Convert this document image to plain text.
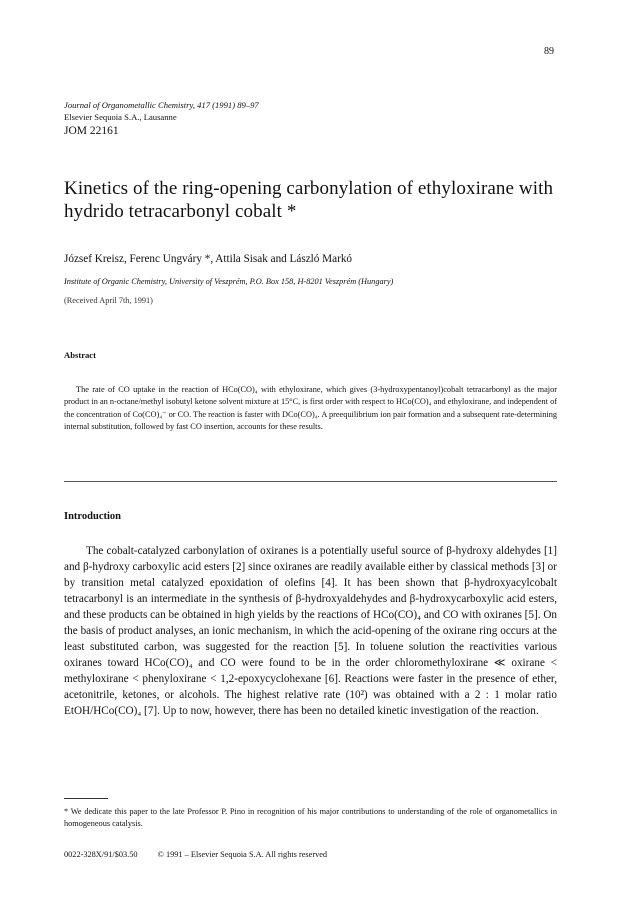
89
Journal of Organometallic Chemistry, 417 (1991) 89–97
Elsevier Sequoia S.A., Lausanne
JOM 22161
Kinetics of the ring-opening carbonylation of ethyloxirane with hydrido tetracarbonyl cobalt *
József Kreisz, Ferenc Ungváry *, Attila Sisak and László Markó
Institute of Organic Chemistry, University of Veszprém, P.O. Box 158, H-8201 Veszprém (Hungary)
(Received April 7th, 1991)
Abstract
The rate of CO uptake in the reaction of HCo(CO)₄ with ethyloxirane, which gives (3-hydroxypentanoyl)cobalt tetracarbonyl as the major product in an n-octane/methyl isobutyl ketone solvent mixture at 15°C, is first order with respect to HCo(CO)₄ and ethyloxirane, and independent of the concentration of Co(CO)₄⁻ or CO. The reaction is faster with DCo(CO)₄. A preequilibrium ion pair formation and a subsequent rate-determining internal substitution, followed by fast CO insertion, accounts for these results.
Introduction
The cobalt-catalyzed carbonylation of oxiranes is a potentially useful source of β-hydroxy aldehydes [1] and β-hydroxy carboxylic acid esters [2] since oxiranes are readily available either by classical methods [3] or by transition metal catalyzed epoxidation of olefins [4]. It has been shown that β-hydroxyacylcobalt tetracarbonyl is an intermediate in the synthesis of β-hydroxyaldehydes and β-hydroxycarboxylic acid esters, and these products can be obtained in high yields by the reactions of HCo(CO)₄ and CO with oxiranes [5]. On the basis of product analyses, an ionic mechanism, in which the acid-opening of the oxirane ring occurs at the least substituted carbon, was suggested for the reaction [5]. In toluene solution the reactivities various oxiranes toward HCo(CO)₄ and CO were found to be in the order chloromethyloxirane ≪ oxirane < methyloxirane < phenyloxirane < 1,2-epoxycyclohexane [6]. Reactions were faster in the presence of ether, acetonitrile, ketones, or alcohols. The highest relative rate (10²) was obtained with a 2 : 1 molar ratio EtOH/HCo(CO)₄ [7]. Up to now, however, there has been no detailed kinetic investigation of the reaction.
* We dedicate this paper to the late Professor P. Pino in recognition of his major contributions to understanding of the role of organometallics in homogeneous catalysis.
0022-328X/91/$03.50 © 1991 – Elsevier Sequoia S.A. All rights reserved
